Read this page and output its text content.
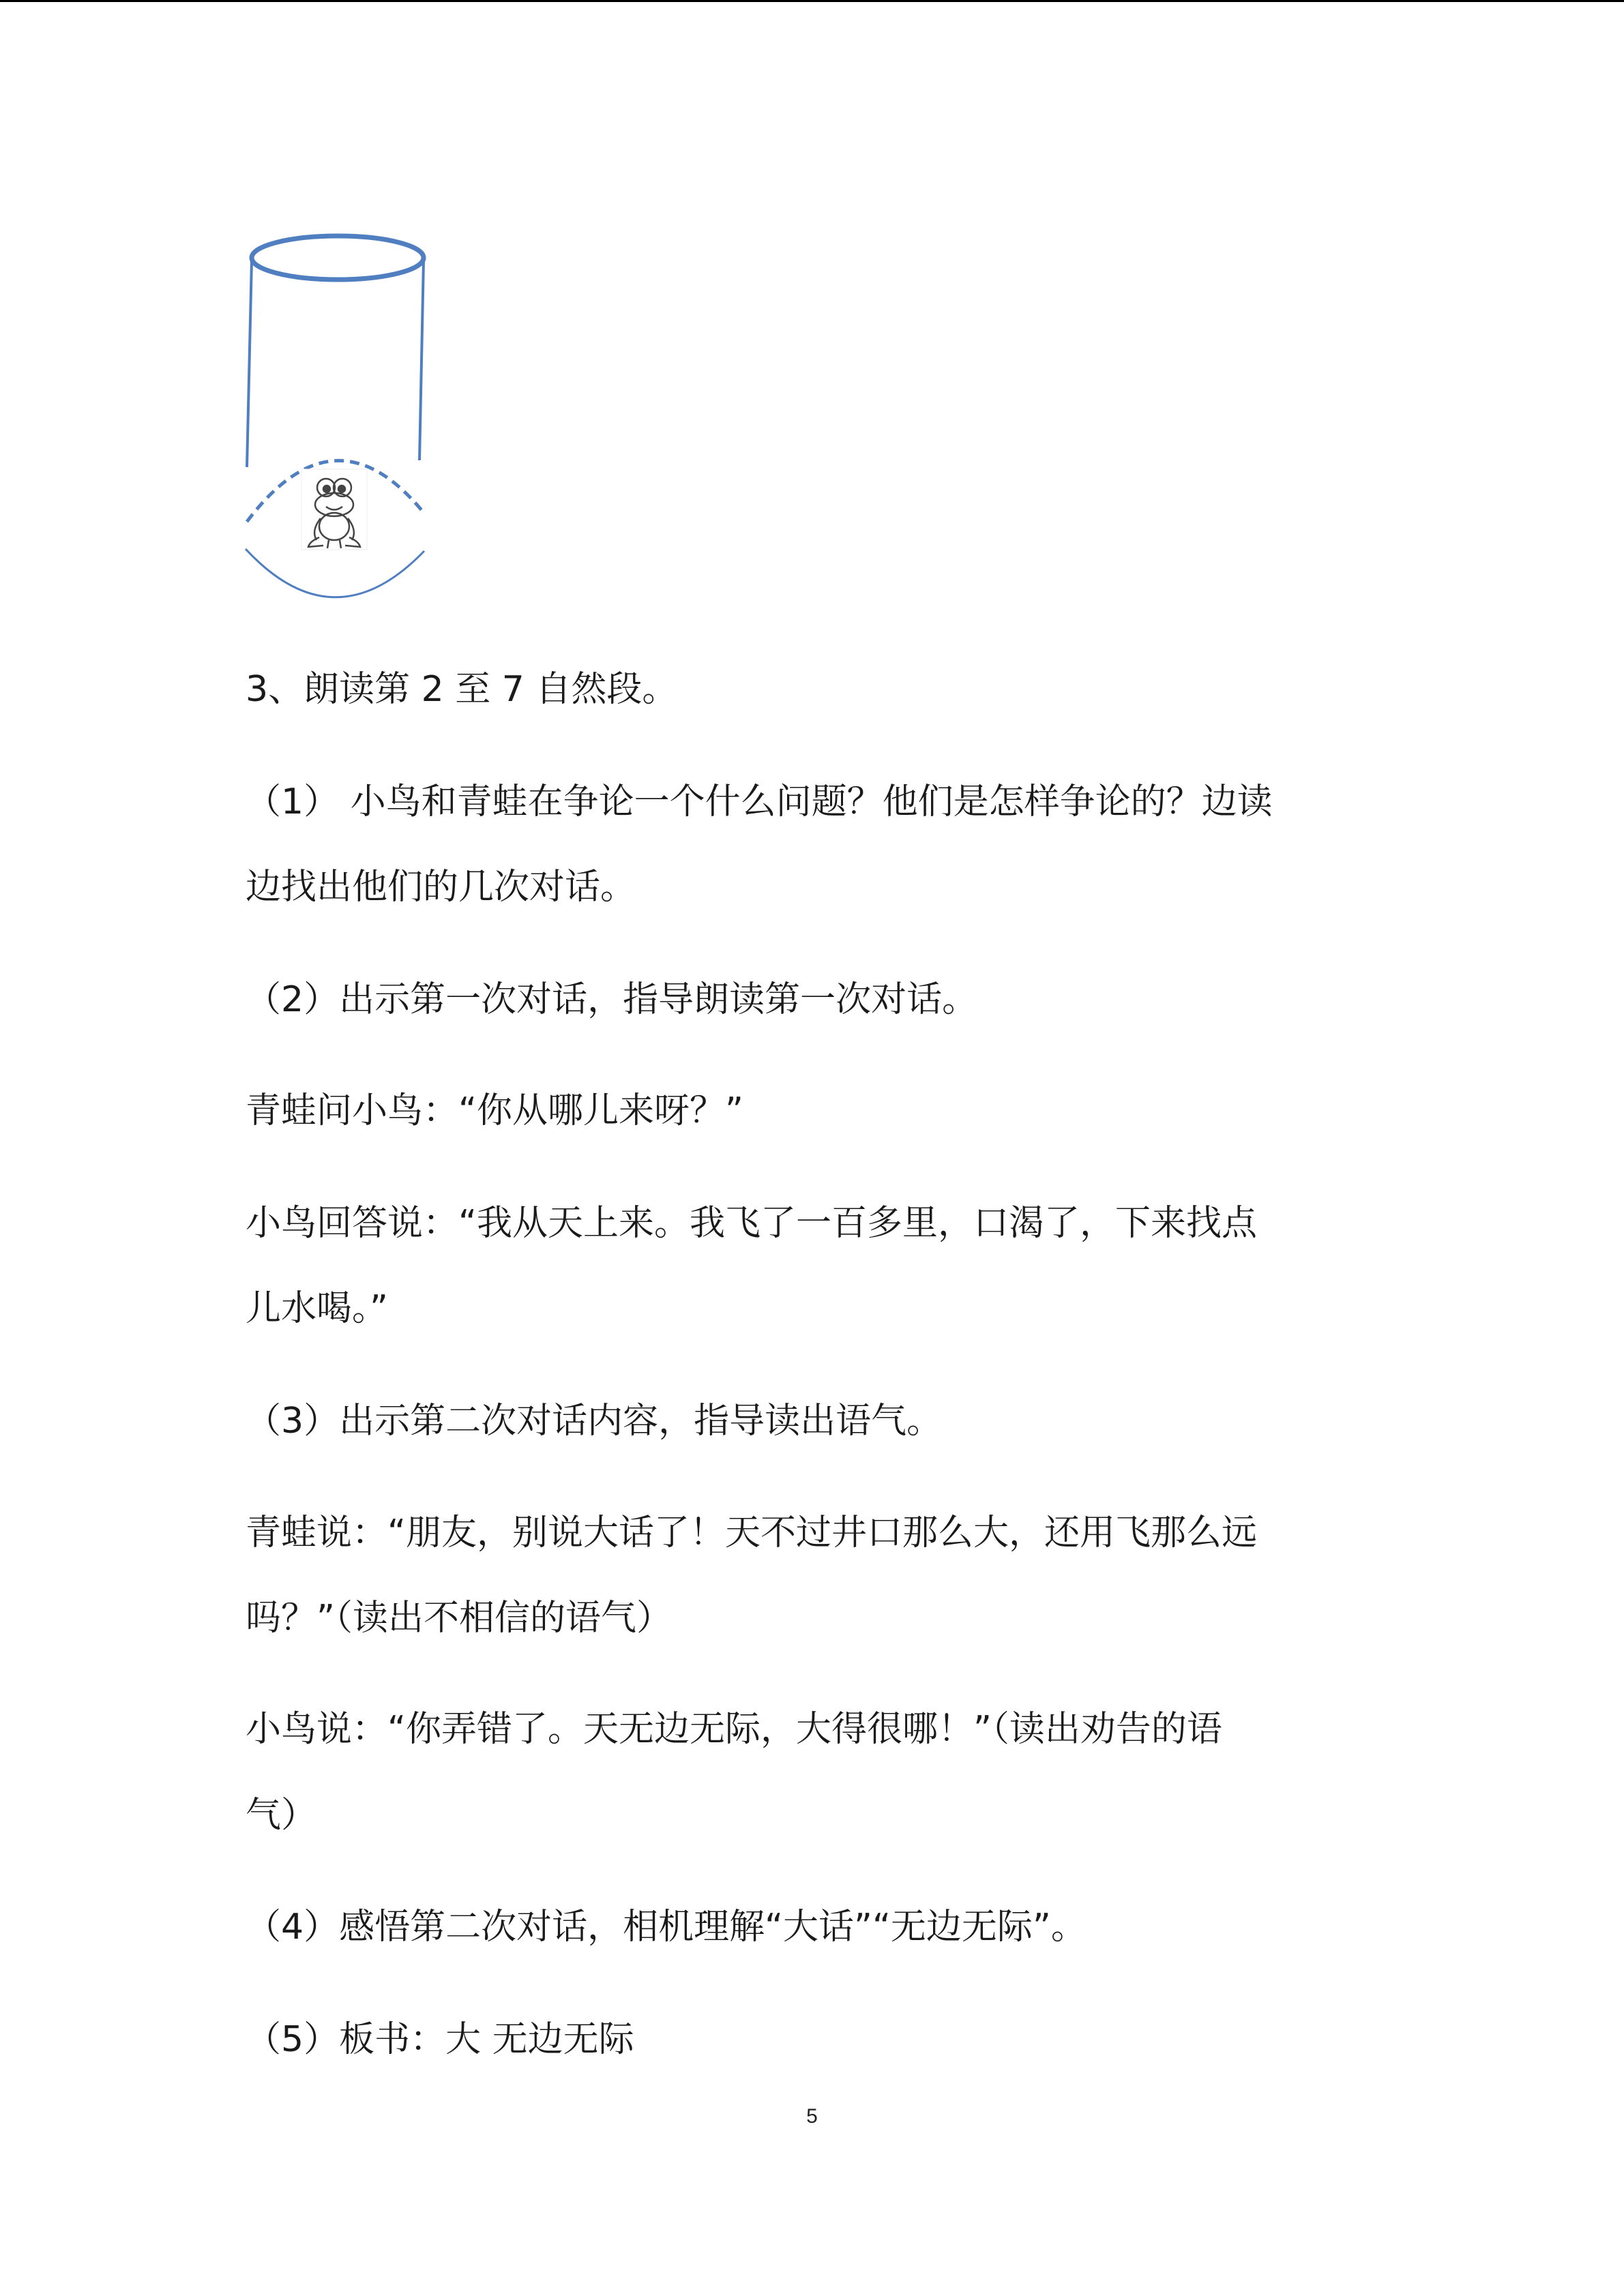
3、朗读第 2 至 7 自然段。
（1） 小鸟和青蛙在争论一个什么问题？他们是怎样争论的？边读
边找出他们的几次对话。
（2）出示第一次对话，指导朗读第一次对话。
青蛙问小鸟：“你从哪儿来呀？”
小鸟回答说：“我从天上来。我飞了一百多里，口渴了，下来找点
儿水喝。”
（3）出示第二次对话内容，指导读出语气。
青蛙说：“朋友，别说大话了！天不过井口那么大，还用飞那么远
吗？”（读出不相信的语气）
小鸟说：“你弄错了。天无边无际，大得很哪！”（读出劝告的语
气）
（4）感悟第二次对话，相机理解“大话”“无边无际”。
（5）板书：大 无边无际
5
